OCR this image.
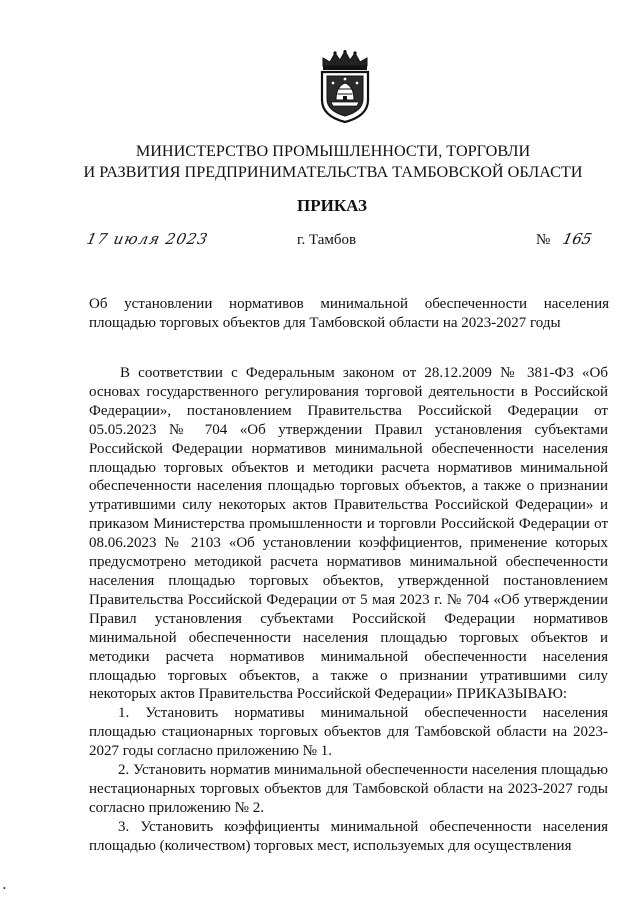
МИНИСТЕРСТВО ПРОМЫШЛЕННОСТИ, ТОРГОВЛИ
И РАЗВИТИЯ ПРЕДПРИНИМАТЕЛЬСТВА ТАМБОВСКОЙ ОБЛАСТИ
ПРИКАЗ
17 июля 2023	г. Тамбов	№ 165
Об установлении нормативов минимальной обеспеченности населения площадью торговых объектов для Тамбовской области на 2023-2027 годы

В соответствии с Федеральным законом от 28.12.2009 № 381-ФЗ «Об основах государственного регулирования торговой деятельности в Российской Федерации», постановлением Правительства Российской Федерации от 05.05.2023 № 704 «Об утверждении Правил установления субъектами Российской Федерации нормативов минимальной обеспеченности населения площадью торговых объектов и методики расчета нормативов минимальной обеспеченности населения площадью торговых объектов, а также о признании утратившими силу некоторых актов Правительства Российской Федерации» и приказом Министерства промышленности и торговли Российской Федерации от 08.06.2023 № 2103 «Об установлении коэффициентов, применение которых предусмотрено методикой расчета нормативов минимальной обеспеченности населения площадью торговых объектов, утвержденной постановлением Правительства Российской Федерации от 5 мая 2023 г. № 704 «Об утверждении Правил установления субъектами Российской Федерации нормативов минимальной обеспеченности населения площадью торговых объектов и методики расчета нормативов минимальной обеспеченности населения площадью торговых объектов, а также о признании утратившими силу некоторых актов Правительства Российской Федерации» ПРИКАЗЫВАЮ:

1. Установить нормативы минимальной обеспеченности населения площадью стационарных торговых объектов для Тамбовской области на 2023-2027 годы согласно приложению № 1.

2. Установить норматив минимальной обеспеченности населения площадью нестационарных торговых объектов для Тамбовской области на 2023-2027 годы согласно приложению № 2.

3. Установить коэффициенты минимальной обеспеченности населения площадью (количеством) торговых мест, используемых для осуществления

•
